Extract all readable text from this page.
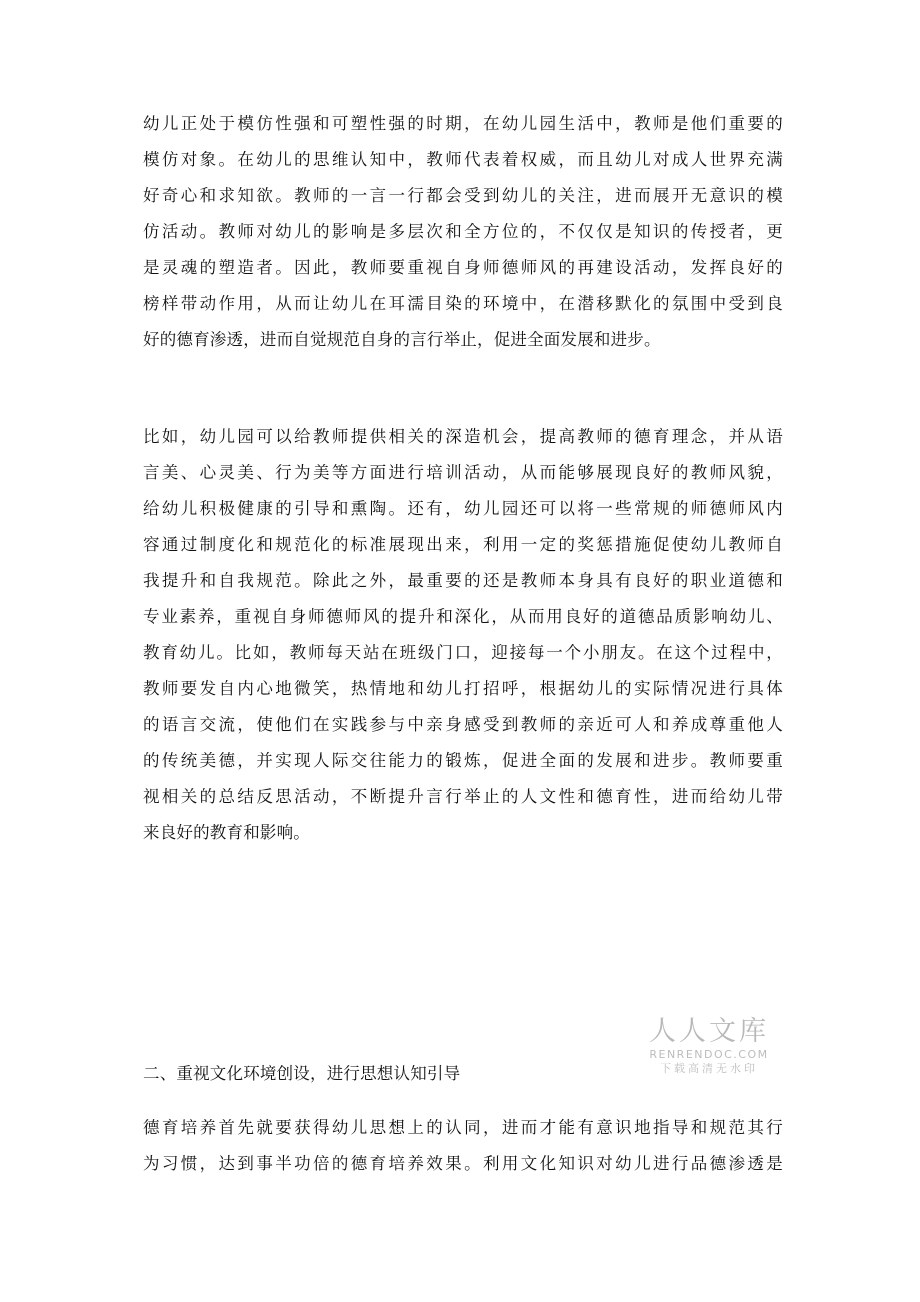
幼儿正处于模仿性强和可塑性强的时期，在幼儿园生活中，教师是他们重要的
模仿对象。在幼儿的思维认知中，教师代表着权威，而且幼儿对成人世界充满
好奇心和求知欲。教师的一言一行都会受到幼儿的关注，进而展开无意识的模
仿活动。教师对幼儿的影响是多层次和全方位的，不仅仅是知识的传授者，更
是灵魂的塑造者。因此，教师要重视自身师德师风的再建设活动，发挥良好的
榜样带动作用，从而让幼儿在耳濡目染的环境中，在潜移默化的氛围中受到良
好的德育渗透，进而自觉规范自身的言行举止，促进全面发展和进步。
比如，幼儿园可以给教师提供相关的深造机会，提高教师的德育理念，并从语
言美、心灵美、行为美等方面进行培训活动，从而能够展现良好的教师风貌，
给幼儿积极健康的引导和熏陶。还有，幼儿园还可以将一些常规的师德师风内
容通过制度化和规范化的标准展现出来，利用一定的奖惩措施促使幼儿教师自
我提升和自我规范。除此之外，最重要的还是教师本身具有良好的职业道德和
专业素养，重视自身师德师风的提升和深化，从而用良好的道德品质影响幼儿、
教育幼儿。比如，教师每天站在班级门口，迎接每一个小朋友。在这个过程中，
教师要发自内心地微笑，热情地和幼儿打招呼，根据幼儿的实际情况进行具体
的语言交流，使他们在实践参与中亲身感受到教师的亲近可人和养成尊重他人
的传统美德，并实现人际交往能力的锻炼，促进全面的发展和进步。教师要重
视相关的总结反思活动，不断提升言行举止的人文性和德育性，进而给幼儿带
来良好的教育和影响。
二、重视文化环境创设，进行思想认知引导
德育培养首先就要获得幼儿思想上的认同，进而才能有意识地指导和规范其行
为习惯，达到事半功倍的德育培养效果。利用文化知识对幼儿进行品德渗透是
人人文库
RENRENDOC.COM
下载高清无水印
